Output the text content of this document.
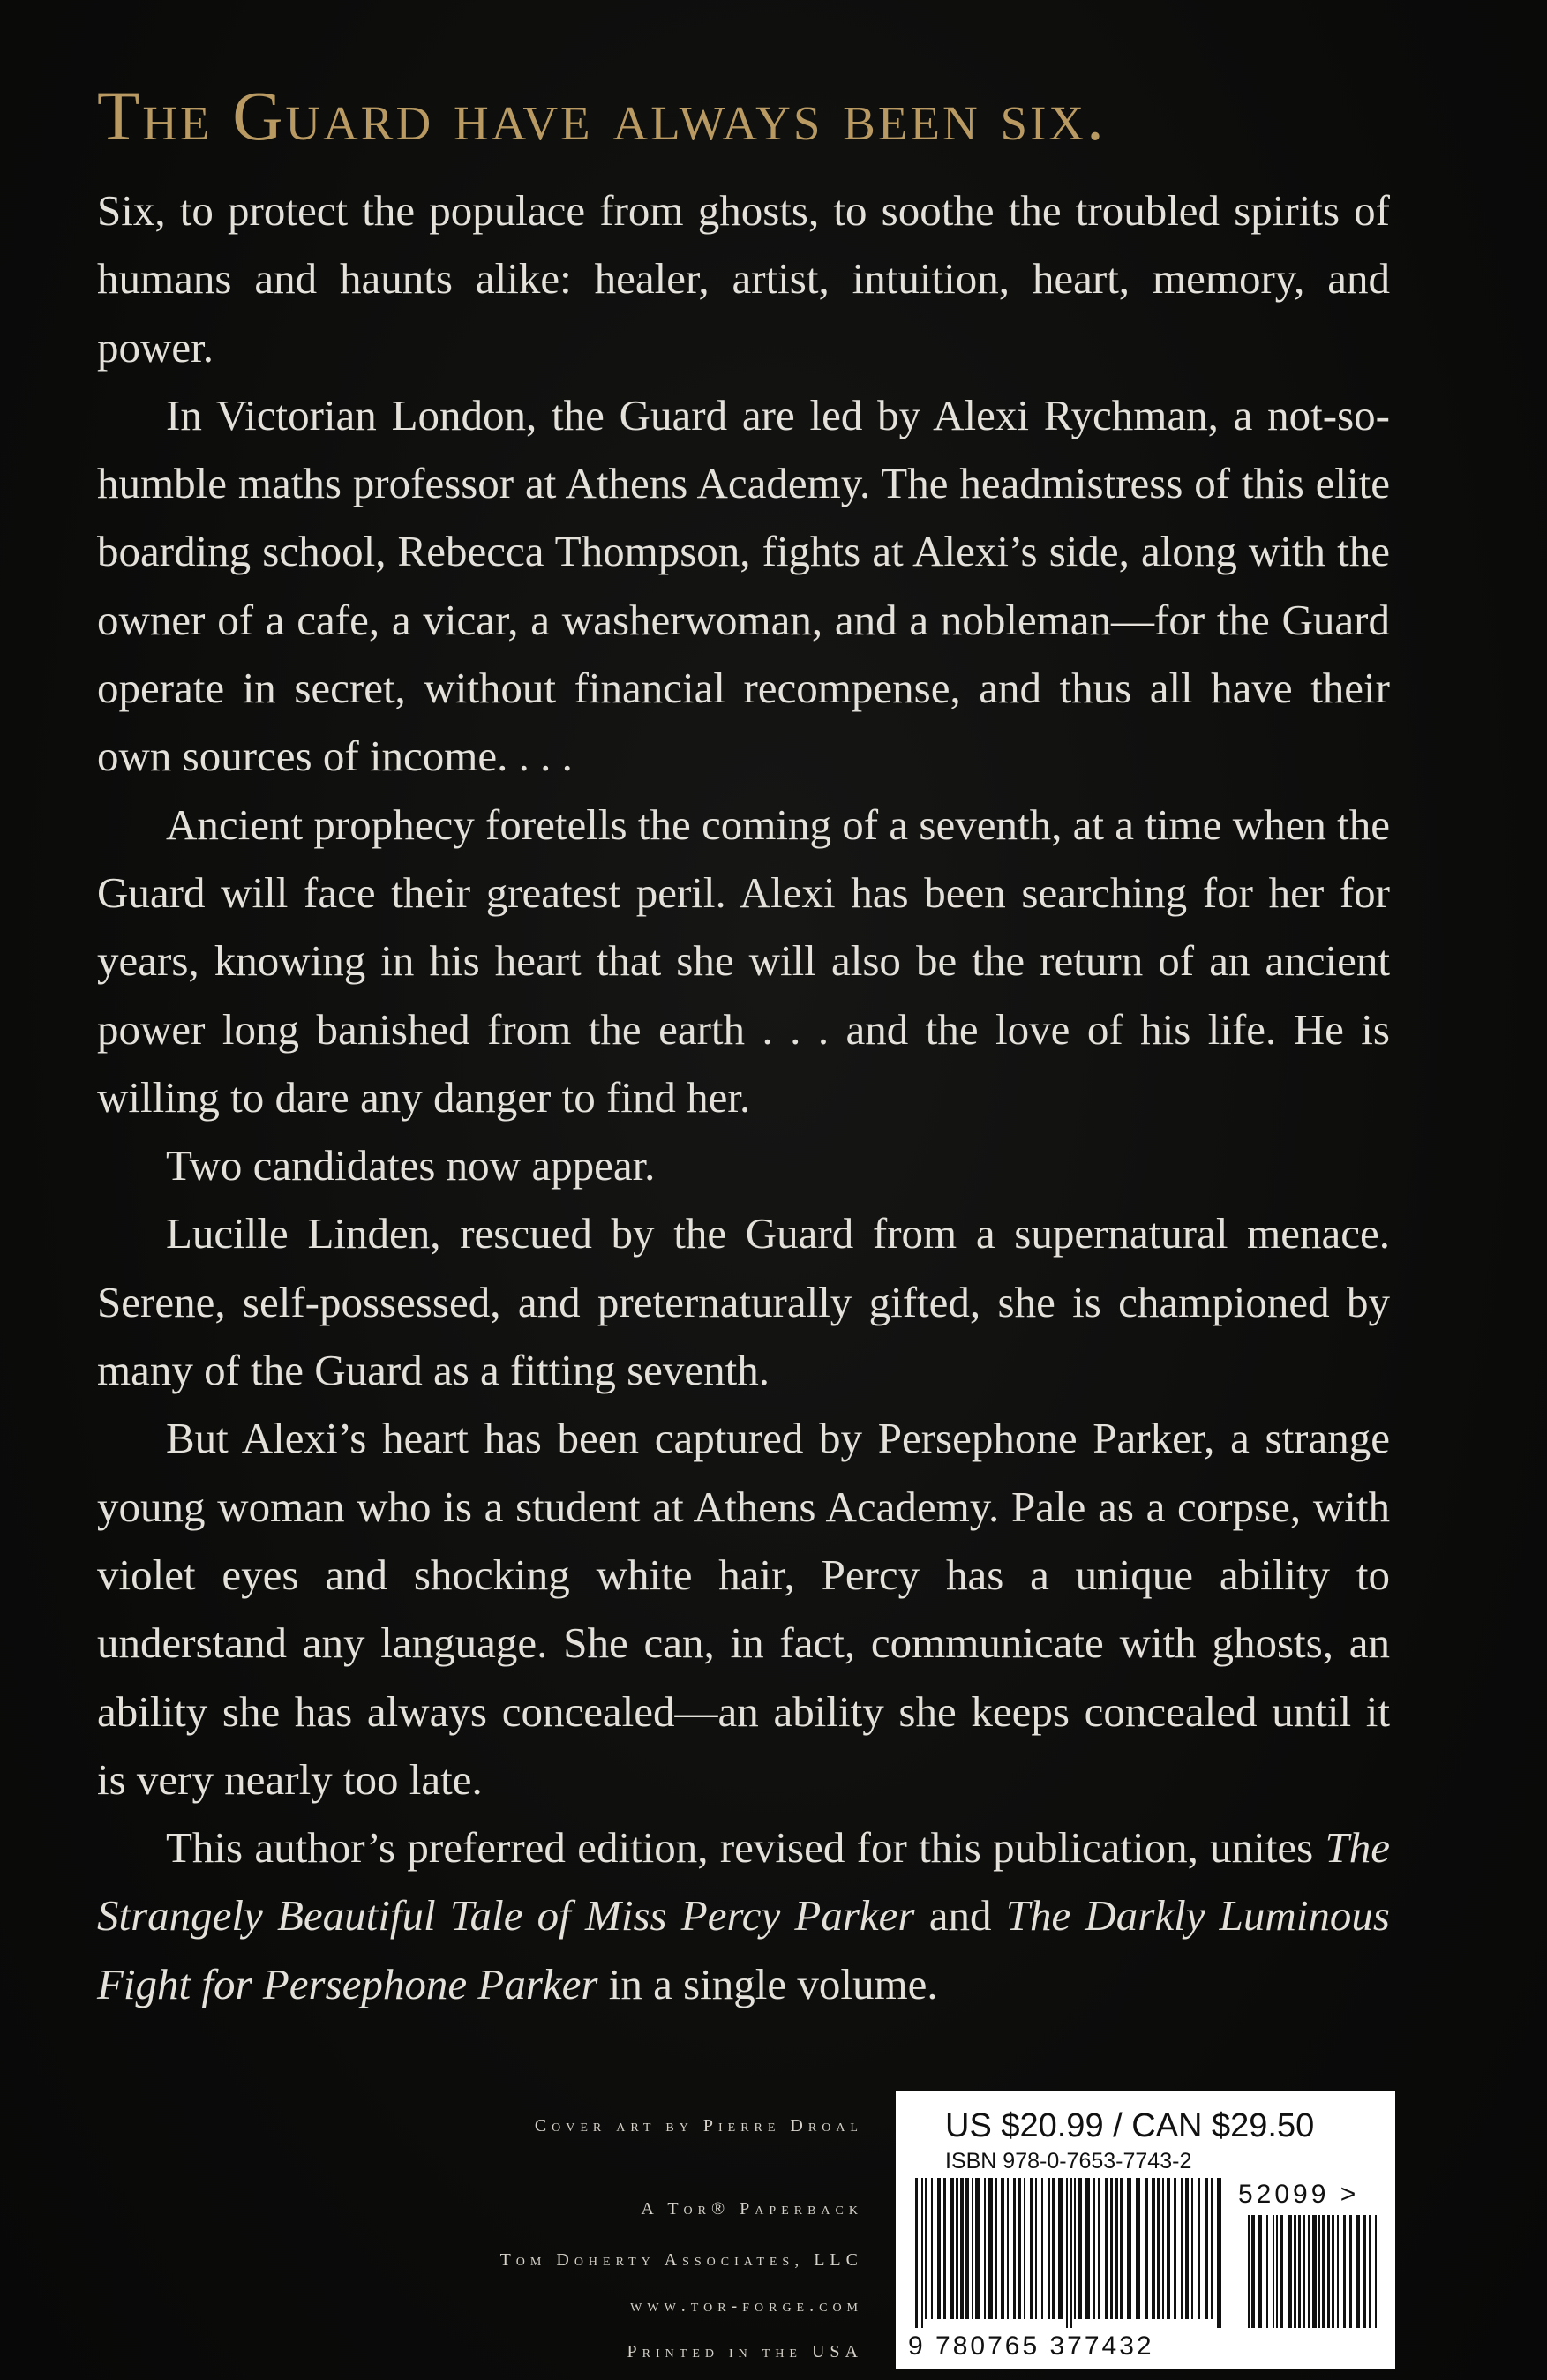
The Guard have always been six.

Six, to protect the populace from ghosts, to soothe the troubled spirits of humans and haunts alike: healer, artist, intuition, heart, memory, and power.

In Victorian London, the Guard are led by Alexi Rychman, a not-so-humble maths professor at Athens Academy. The headmistress of this elite boarding school, Rebecca Thompson, fights at Alexi’s side, along with the owner of a cafe, a vicar, a washerwoman, and a nobleman—for the Guard operate in secret, without financial recompense, and thus all have their own sources of income. . . .

Ancient prophecy foretells the coming of a seventh, at a time when the Guard will face their greatest peril. Alexi has been searching for her for years, knowing in his heart that she will also be the return of an ancient power long banished from the earth . . . and the love of his life. He is willing to dare any danger to find her.

Two candidates now appear.

Lucille Linden, rescued by the Guard from a supernatural menace. Serene, self-possessed, and preternaturally gifted, she is championed by many of the Guard as a fitting seventh.

But Alexi’s heart has been captured by Persephone Parker, a strange young woman who is a student at Athens Academy. Pale as a corpse, with violet eyes and shocking white hair, Percy has a unique ability to understand any language. She can, in fact, communicate with ghosts, an ability she has always concealed—an ability she keeps concealed until it is very nearly too late.

This author’s preferred edition, revised for this publication, unites The Strangely Beautiful Tale of Miss Percy Parker and The Darkly Luminous Fight for Persephone Parker in a single volume.

Cover art by Pierre Droal
A Tor® Paperback
Tom Doherty Associates, LLC
www.tor-forge.com
Printed in the USA
US $20.99 / CAN $29.50
ISBN 978-0-7653-7743-2
52099 >
9 780765 377432
